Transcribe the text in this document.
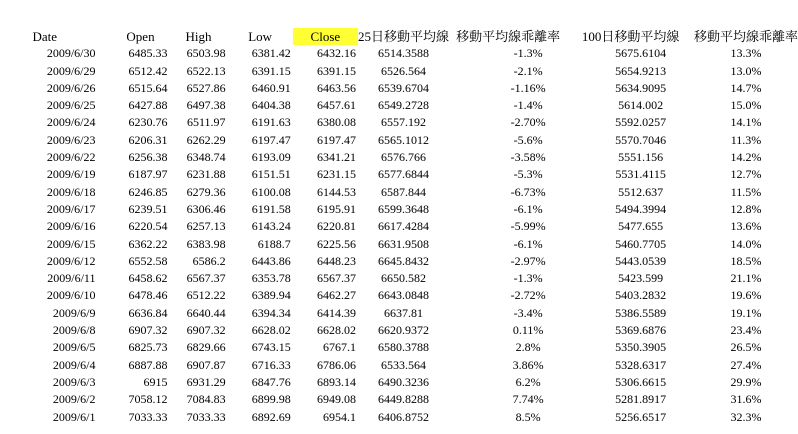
Date	Open	High	Low	Close	25日移動平均線	移動平均線乖離率	100日移動平均線	移動平均線乖離率
2009/6/30	6485.33	6503.98	6381.42	6432.16	6514.3588	-1.3%	5675.6104	13.3%
2009/6/29	6512.42	6522.13	6391.15	6391.15	6526.564	-2.1%	5654.9213	13.0%
2009/6/26	6515.64	6527.86	6460.91	6463.56	6539.6704	-1.16%	5634.9095	14.7%
2009/6/25	6427.88	6497.38	6404.38	6457.61	6549.2728	-1.4%	5614.002	15.0%
2009/6/24	6230.76	6511.97	6191.63	6380.08	6557.192	-2.70%	5592.0257	14.1%
2009/6/23	6206.31	6262.29	6197.47	6197.47	6565.1012	-5.6%	5570.7046	11.3%
2009/6/22	6256.38	6348.74	6193.09	6341.21	6576.766	-3.58%	5551.156	14.2%
2009/6/19	6187.97	6231.88	6151.51	6231.15	6577.6844	-5.3%	5531.4115	12.7%
2009/6/18	6246.85	6279.36	6100.08	6144.53	6587.844	-6.73%	5512.637	11.5%
2009/6/17	6239.51	6306.46	6191.58	6195.91	6599.3648	-6.1%	5494.3994	12.8%
2009/6/16	6220.54	6257.13	6143.24	6220.81	6617.4284	-5.99%	5477.655	13.6%
2009/6/15	6362.22	6383.98	6188.7	6225.56	6631.9508	-6.1%	5460.7705	14.0%
2009/6/12	6552.58	6586.2	6443.86	6448.23	6645.8432	-2.97%	5443.0539	18.5%
2009/6/11	6458.62	6567.37	6353.78	6567.37	6650.582	-1.3%	5423.599	21.1%
2009/6/10	6478.46	6512.22	6389.94	6462.27	6643.0848	-2.72%	5403.2832	19.6%
2009/6/9	6636.84	6640.44	6394.34	6414.39	6637.81	-3.4%	5386.5589	19.1%
2009/6/8	6907.32	6907.32	6628.02	6628.02	6620.9372	0.11%	5369.6876	23.4%
2009/6/5	6825.73	6829.66	6743.15	6767.1	6580.3788	2.8%	5350.3905	26.5%
2009/6/4	6887.88	6907.87	6716.33	6786.06	6533.564	3.86%	5328.6317	27.4%
2009/6/3	6915	6931.29	6847.76	6893.14	6490.3236	6.2%	5306.6615	29.9%
2009/6/2	7058.12	7084.83	6899.98	6949.08	6449.8288	7.74%	5281.8917	31.6%
2009/6/1	7033.33	7033.33	6892.69	6954.1	6406.8752	8.5%	5256.6517	32.3%
